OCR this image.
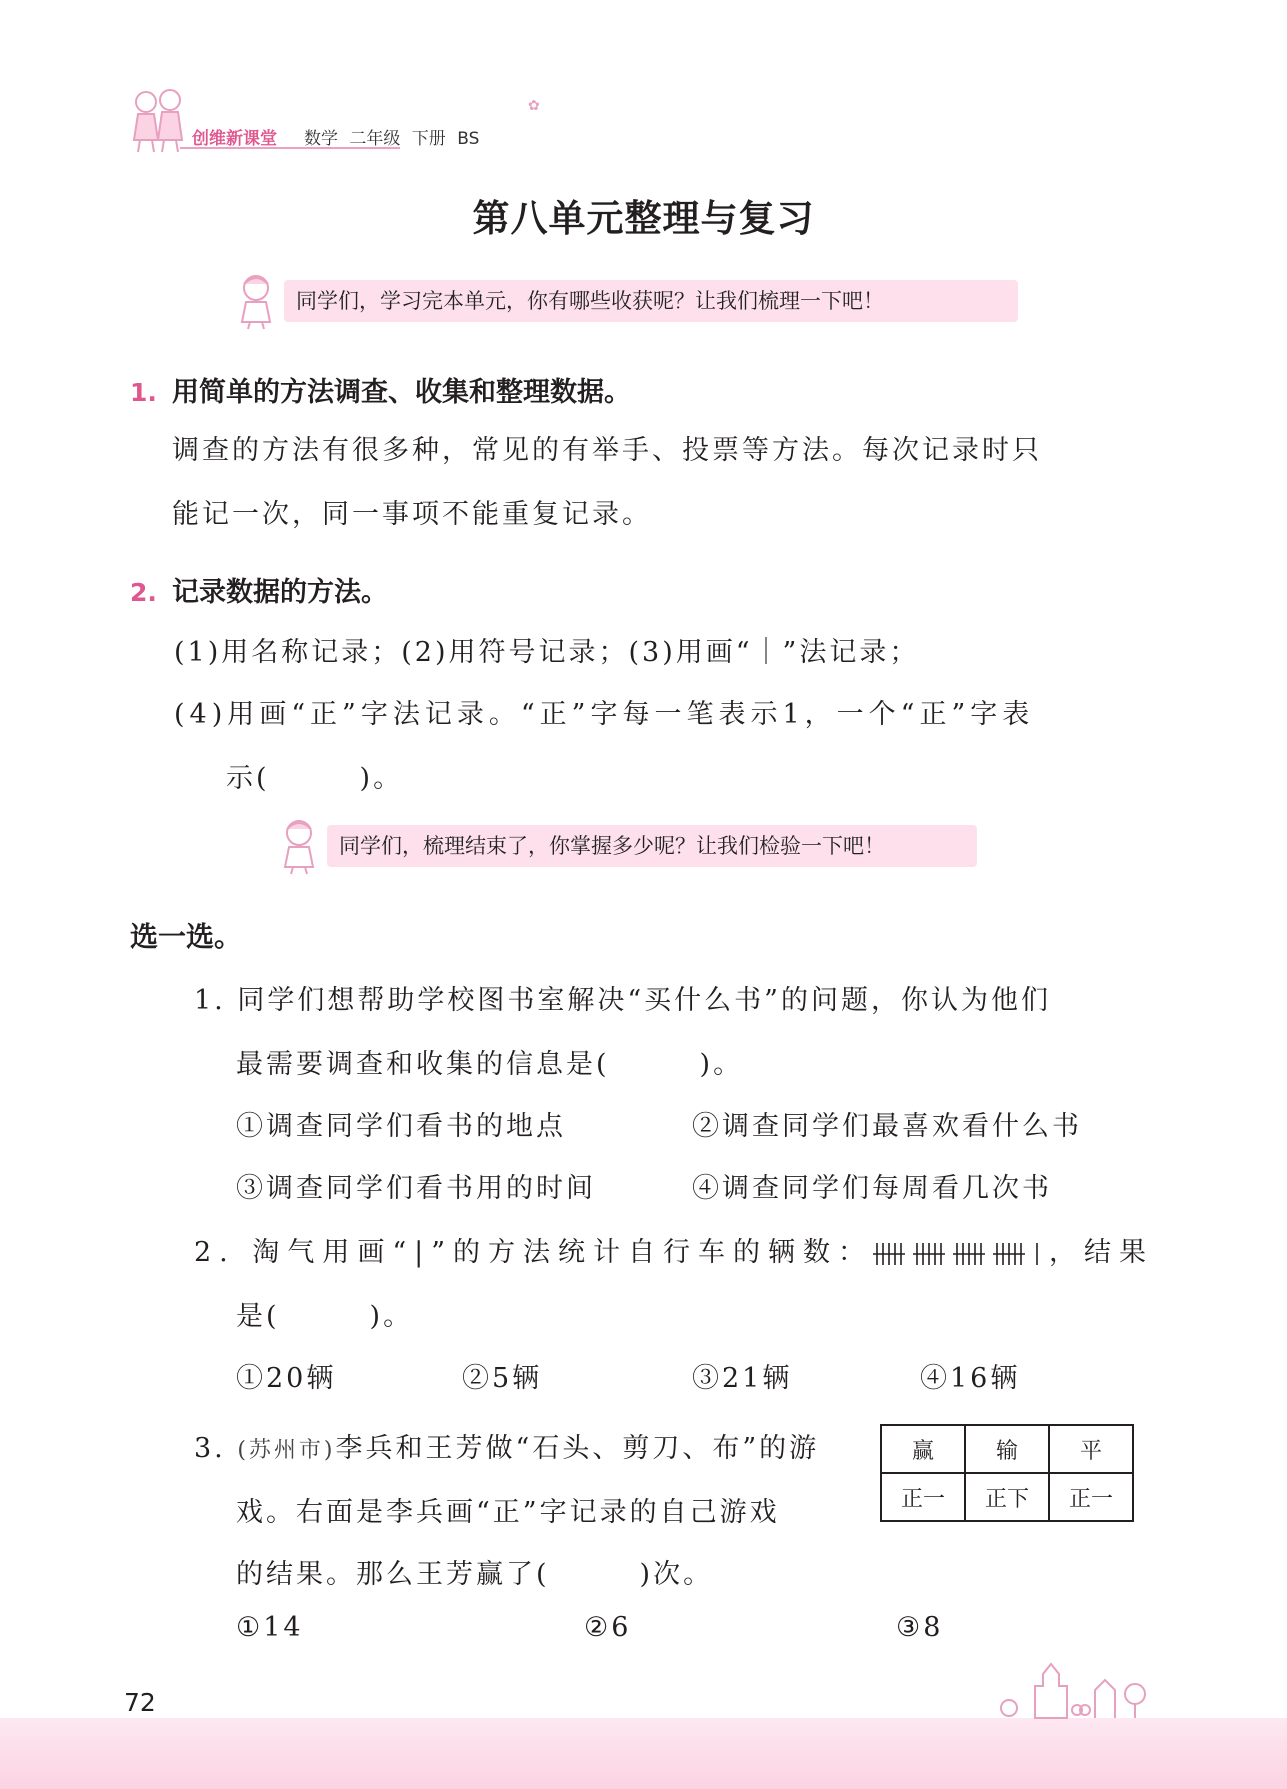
创维新课堂 数学 二年级 下册 BS
✿
第八单元整理与复习
同学们，学习完本单元，你有哪些收获呢？让我们梳理一下吧！
1. 用简单的方法调查、收集和整理数据。
调查的方法有很多种，常见的有举手、投票等方法。每次记录时只
能记一次，同一事项不能重复记录。
2. 记录数据的方法。
(1)用名称记录；(2)用符号记录；(3)用画“｜”法记录；
(4)用画“正”字法记录。“正”字每一笔表示1，一个“正”字表
示(　　　)。
同学们，梳理结束了，你掌握多少呢？让我们检验一下吧！
选一选。
1. 同学们想帮助学校图书室解决“买什么书”的问题，你认为他们
最需要调查和收集的信息是(　　　)。
①调查同学们看书的地点	②调查同学们最喜欢看什么书
③调查同学们看书用的时间	④调查同学们每周看几次书
2. 淘气用画“|”的方法统计自行车的辆数：	，结果
是(　　　)。
①20辆	②5辆	③21辆	④16辆
3. (苏州市)李兵和王芳做“石头、剪刀、布”的游
戏。右面是李兵画“正”字记录的自己游戏
的结果。那么王芳赢了(　　　)次。
赢	输	平
正一	正下	正一
①14	②6	③8
72
